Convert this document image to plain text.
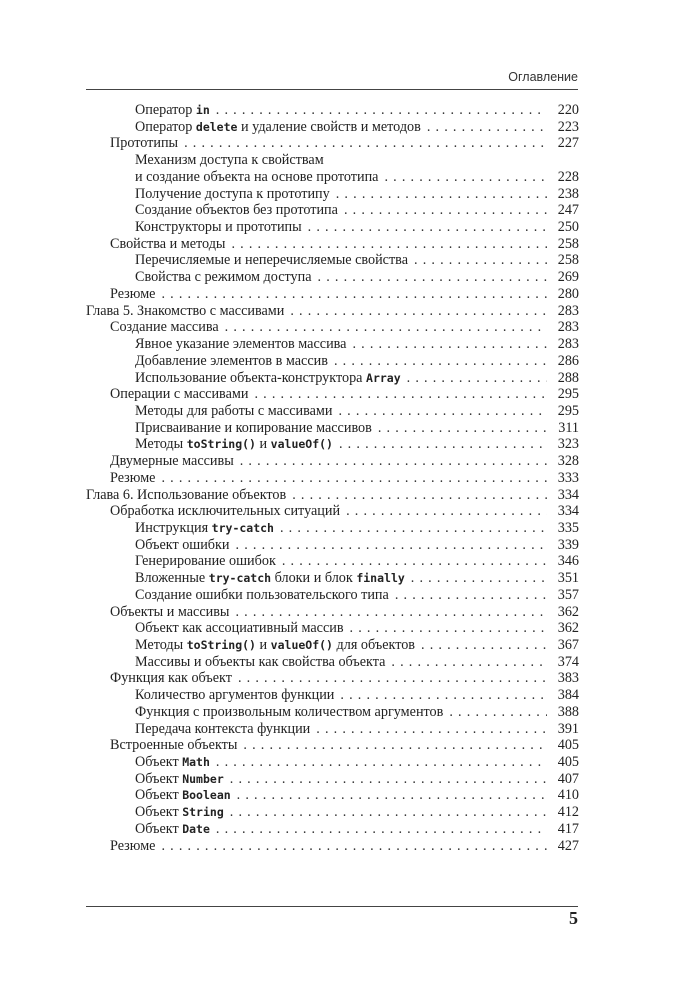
Оглавление
Оператор in . . .	220
Оператор delete и удаление свойств и методов . . .	223
Прототипы . . .	227
Механизм доступа к свойствам
и создание объекта на основе прототипа . . .	228
Получение доступа к прототипу . . .	238
Создание объектов без прототипа . . .	247
Конструкторы и прототипы . . .	250
Свойства и методы . . .	258
Перечисляемые и неперечисляемые свойства . . .	258
Свойства с режимом доступа . . .	269
Резюме . . .	280
Глава 5. Знакомство с массивами . . .	283
Создание массива . . .	283
Явное указание элементов массива . . .	283
Добавление элементов в массив . . .	286
Использование объекта-конструктора Array . . .	288
Операции с массивами . . .	295
Методы для работы с массивами . . .	295
Присваивание и копирование массивов . . .	311
Методы toString() и valueOf() . . .	323
Двумерные массивы . . .	328
Резюме . . .	333
Глава 6. Использование объектов . . .	334
Обработка исключительных ситуаций . . .	334
Инструкция try-catch . . .	335
Объект ошибки . . .	339
Генерирование ошибок . . .	346
Вложенные try-catch блоки и блок finally . . .	351
Создание ошибки пользовательского типа . . .	357
Объекты и массивы . . .	362
Объект как ассоциативный массив . . .	362
Методы toString() и valueOf() для объектов . . .	367
Массивы и объекты как свойства объекта . . .	374
Функция как объект . . .	383
Количество аргументов функции . . .	384
Функция с произвольным количеством аргументов . . .	388
Передача контекста функции . . .	391
Встроенные объекты . . .	405
Объект Math . . .	405
Объект Number . . .	407
Объект Boolean . . .	410
Объект String . . .	412
Объект Date . . .	417
Резюме . . .	427
5
